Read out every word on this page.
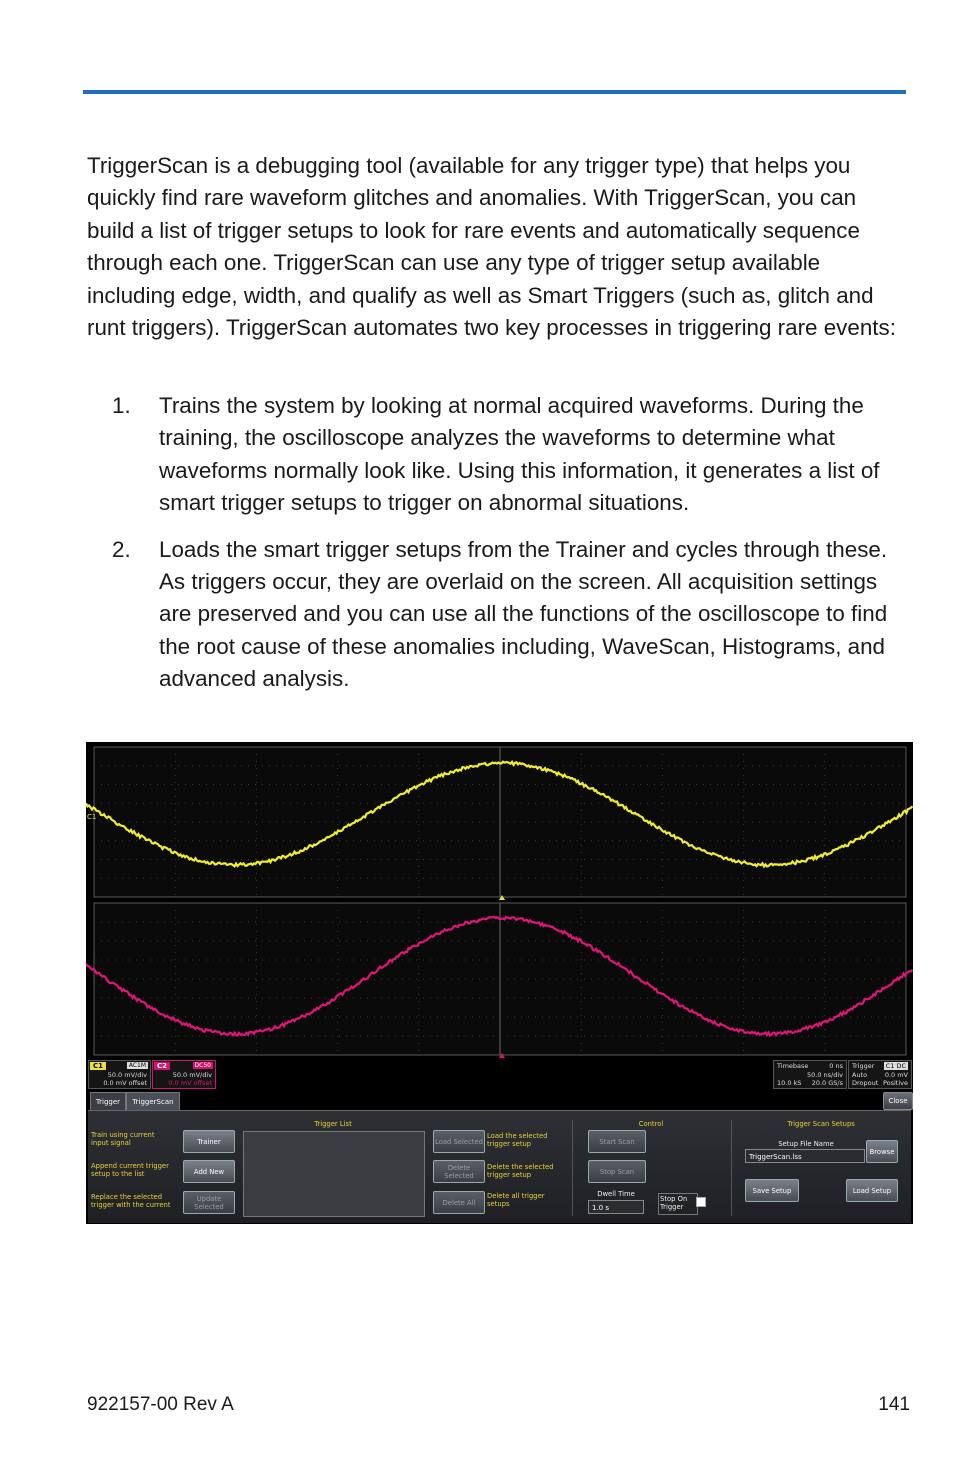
TriggerScan is a debugging tool (available for any trigger type) that helps you quickly find rare waveform glitches and anomalies. With TriggerScan, you can build a list of trigger setups to look for rare events and automatically sequence through each one. TriggerScan can use any type of trigger setup available including edge, width, and qualify as well as Smart Triggers (such as, glitch and runt triggers). TriggerScan automates two key processes in triggering rare events:

1. Trains the system by looking at normal acquired waveforms. During the training, the oscilloscope analyzes the waveforms to determine what waveforms normally look like. Using this information, it generates a list of smart trigger setups to trigger on abnormal situations.
2. Loads the smart trigger setups from the Trainer and cycles through these. As triggers occur, they are overlaid on the screen. All acquisition settings are preserved and you can use all the functions of the oscilloscope to find the root cause of these anomalies including, WaveScan, Histograms, and advanced analysis.
C1
C1	AC1M
50.0 mV/div
0.0 mV offset
C2	DC50
50.0 mV/div
0.0 mV offset
Timebase	0 ns
50.0 ns/div
10.0 kS 20.0 GS/s
Trigger	C1 DC
Auto	0.0 mV
Dropout Positive
Trigger	TriggerScan	Close
Train using current input signal
Append current trigger setup to the list
Replace the selected trigger with the current
Trainer
Add New
Update Selected
Trigger List
Load Selected
Delete Selected
Delete All
Load the selected trigger setup
Delete the selected trigger setup
Delete all trigger setups
Control
Start Scan
Stop Scan
Dwell Time
1.0 s
Stop On Trigger
Trigger Scan Setups
Setup File Name
TriggerScan.lss
Browse
Save Setup	Load Setup
922157-00 Rev A	141
